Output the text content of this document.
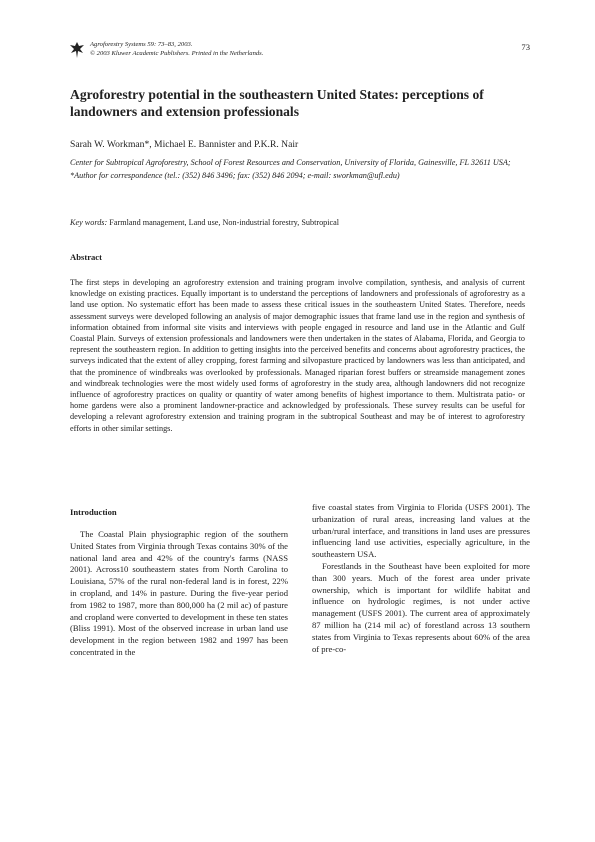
Agroforestry Systems 59: 73–83, 2003.
© 2003 Kluwer Academic Publishers. Printed in the Netherlands.
73
Agroforestry potential in the southeastern United States: perceptions of landowners and extension professionals
Sarah W. Workman*, Michael E. Bannister and P.K.R. Nair
Center for Subtropical Agroforestry, School of Forest Resources and Conservation, University of Florida, Gainesville, FL 32611 USA; *Author for correspondence (tel.: (352) 846 3496; fax: (352) 846 2094; e-mail: sworkman@ufl.edu)
Key words: Farmland management, Land use, Non-industrial forestry, Subtropical
Abstract

The first steps in developing an agroforestry extension and training program involve compilation, synthesis, and analysis of current knowledge on existing practices. Equally important is to understand the perceptions of landowners and professionals of agroforestry as a land use option. No systematic effort has been made to assess these critical issues in the southeastern United States. Therefore, needs assessment surveys were developed following an analysis of major demographic issues that frame land use in the region and synthesis of information obtained from informal site visits and interviews with people engaged in resource and land use in the Atlantic and Gulf Coastal Plain. Surveys of extension professionals and landowners were then undertaken in the states of Alabama, Florida, and Georgia to represent the southeastern region. In addition to getting insights into the perceived benefits and concerns about agroforestry practices, the surveys indicated that the extent of alley cropping, forest farming and silvopasture practiced by landowners was less than anticipated, and that the prominence of windbreaks was overlooked by professionals. Managed riparian forest buffers or streamside management zones and windbreak technologies were the most widely used forms of agroforestry in the study area, although landowners did not recognize influence of agroforestry practices on quality or quantity of water among benefits of highest importance to them. Multistrata patio- or home gardens were also a prominent landowner-practice and acknowledged by professionals. These survey results can be useful for developing a relevant agroforestry extension and training program in the subtropical Southeast and may be of interest to agroforestry efforts in other similar settings.

Introduction

The Coastal Plain physiographic region of the southern United States from Virginia through Texas contains 30% of the national land area and 42% of the country's farms (NASS 2001). Across10 southeastern states from North Carolina to Louisiana, 57% of the rural non-federal land is in forest, 22% in cropland, and 14% in pasture. During the five-year period from 1982 to 1987, more than 800,000 ha (2 mil ac) of pasture and cropland were converted to development in these ten states (Bliss 1991). Most of the observed increase in urban land use development in the region between 1982 and 1997 has been concentrated in the

five coastal states from Virginia to Florida (USFS 2001). The urbanization of rural areas, increasing land values at the urban/rural interface, and transitions in land uses are pressures influencing land use activities, especially agriculture, in the southeastern USA.

Forestlands in the Southeast have been exploited for more than 300 years. Much of the forest area under private ownership, which is important for wildlife habitat and influence on hydrologic regimes, is not under active management (USFS 2001). The current area of approximately 87 million ha (214 mil ac) of forestland across 13 southern states from Virginia to Texas represents about 60% of the area of pre-co-
